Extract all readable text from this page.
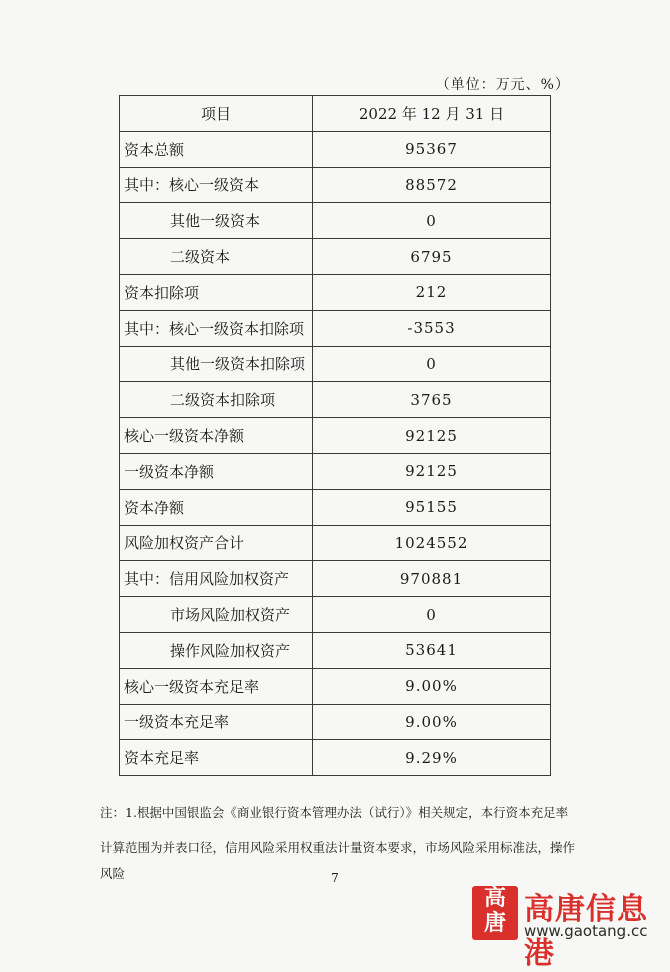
（单位：万元、%）
项目	2022 年 12 月 31 日
资本总额	95367
其中：核心一级资本	88572
其他一级资本	0
二级资本	6795
资本扣除项	212
其中：核心一级资本扣除项	-3553
其他一级资本扣除项	0
二级资本扣除项	3765
核心一级资本净额	92125
一级资本净额	92125
资本净额	95155
风险加权资产合计	1024552
其中：信用风险加权资产	970881
市场风险加权资产	0
操作风险加权资产	53641
核心一级资本充足率	9.00%
一级资本充足率	9.00%
资本充足率	9.29%
注：1.根据中国银监会《商业银行资本管理办法（试行）》相关规定，本行资本充足率
计算范围为并表口径，信用风险采用权重法计量资本要求，市场风险采用标准法，操作风险	7
高
唐 高唐信息港
www.gaotang.cc
